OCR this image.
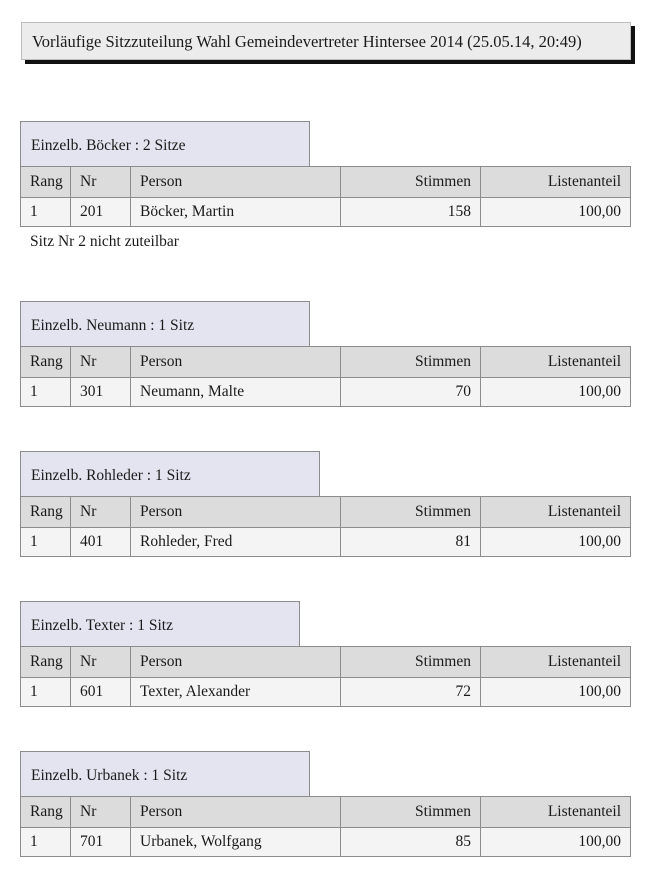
Vorläufige Sitzzuteilung Wahl Gemeindevertreter Hintersee 2014 (25.05.14, 20:49)
Einzelb. Böcker : 2 Sitze
Rang	Nr	Person	Stimmen	Listenanteil
1	201	Böcker, Martin	158	100,00
Sitz Nr 2 nicht zuteilbar
Einzelb. Neumann : 1 Sitz
Rang	Nr	Person	Stimmen	Listenanteil
1	301	Neumann, Malte	70	100,00
Einzelb. Rohleder : 1 Sitz
Rang	Nr	Person	Stimmen	Listenanteil
1	401	Rohleder, Fred	81	100,00
Einzelb. Texter : 1 Sitz
Rang	Nr	Person	Stimmen	Listenanteil
1	601	Texter, Alexander	72	100,00
Einzelb. Urbanek : 1 Sitz
Rang	Nr	Person	Stimmen	Listenanteil
1	701	Urbanek, Wolfgang	85	100,00
